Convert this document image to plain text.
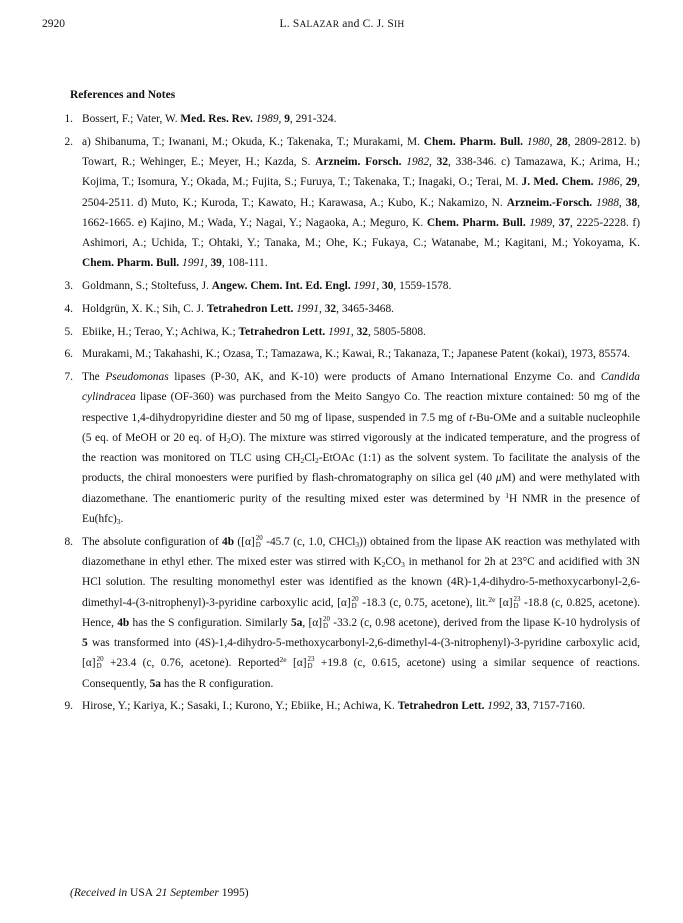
2920	L. SALAZAR and C. J. SIH
References and Notes
1. Bossert, F.; Vater, W. Med. Res. Rev. 1989, 9, 291-324.
2. a) Shibanuma, T.; Iwanani, M.; Okuda, K.; Takenaka, T.; Murakami, M. Chem. Pharm. Bull. 1980, 28, 2809-2812. b) Towart, R.; Wehinger, E.; Meyer, H.; Kazda, S. Arzneim. Forsch. 1982, 32, 338-346. c) Tamazawa, K.; Arima, H.; Kojima, T.; Isomura, Y.; Okada, M.; Fujita, S.; Furuya, T.; Takenaka, T.; Inagaki, O.; Terai, M. J. Med. Chem. 1986, 29, 2504-2511. d) Muto, K.; Kuroda, T.; Kawato, H.; Karawasa, A.; Kubo, K.; Nakamizo, N. Arzneim.-Forsch. 1988, 38, 1662-1665. e) Kajino, M.; Wada, Y.; Nagai, Y.; Nagaoka, A.; Meguro, K. Chem. Pharm. Bull. 1989, 37, 2225-2228. f) Ashimori, A.; Uchida, T.; Ohtaki, Y.; Tanaka, M.; Ohe, K.; Fukaya, C.; Watanabe, M.; Kagitani, M.; Yokoyama, K. Chem. Pharm. Bull. 1991, 39, 108-111.
3. Goldmann, S.; Stoltefuss, J. Angew. Chem. Int. Ed. Engl. 1991, 30, 1559-1578.
4. Holdgrün, X. K.; Sih, C. J. Tetrahedron Lett. 1991, 32, 3465-3468.
5. Ebiike, H.; Terao, Y.; Achiwa, K.; Tetrahedron Lett. 1991, 32, 5805-5808.
6. Murakami, M.; Takahashi, K.; Ozasa, T.; Tamazawa, K.; Kawai, R.; Takanaza, T.; Japanese Patent (kokai), 1973, 85574.
7. The Pseudomonas lipases (P-30, AK, and K-10) were products of Amano International Enzyme Co. and Candida cylindracea lipase (OF-360) was purchased from the Meito Sangyo Co. The reaction mixture contained: 50 mg of the respective 1,4-dihydropyridine diester and 50 mg of lipase, suspended in 7.5 mg of t-Bu-OMe and a suitable nucleophile (5 eq. of MeOH or 20 eq. of $H_2O$). The mixture was stirred vigorously at the indicated temperature, and the progress of the reaction was monitored on TLC using $CH_2Cl_2$-EtOAc (1:1) as the solvent system. To facilitate the analysis of the products, the chiral monoesters were purified by flash-chromatography on silica gel (40 μM) and were methylated with diazomethane. The enantiomeric purity of the resulting mixed ester was determined by $^1$H NMR in the presence of $Eu(hfc)_3$.
8. The absolute configuration of 4b ([α] 20
D -45.7 (c, 1.0, CHCl$_3$)) obtained from the lipase AK reaction was methylated with diazomethane in ethyl ether. The mixed ester was stirred with $K_2CO_3$ in methanol for 2h at 23°C and acidified with 3N HCl solution. The resulting monomethyl ester was identified as the known (4R)-1,4-dihydro-5-methoxycarbonyl-2,6-dimethyl-4-(3-nitrophenyl)-3-pyridine carboxylic acid, [α] 20
D -18.3 (c, 0.75, acetone), lit.$^{2e}$ [α] 23
D -18.8 (c, 0.825, acetone). Hence, 4b has the S configuration. Similarly 5a, [α] 20
D -33.2 (c, 0.98 acetone), derived from the lipase K-10 hydrolysis of 5 was transformed into (4S)-1,4-dihydro-5-methoxycarbonyl-2,6-dimethyl-4-(3-nitrophenyl)-3-pyridine carboxylic acid, [α] 20
D +23.4 (c, 0.76, acetone). Reported$^{2e}$ [α] 23
D +19.8 (c, 0.615, acetone) using a similar sequence of reactions. Consequently, 5a has the R configuration.
9. Hirose, Y.; Kariya, K.; Sasaki, I.; Kurono, Y.; Ebiike, H.; Achiwa, K. Tetrahedron Lett. 1992, 33, 7157-7160.
(Received in USA 21 September 1995)
